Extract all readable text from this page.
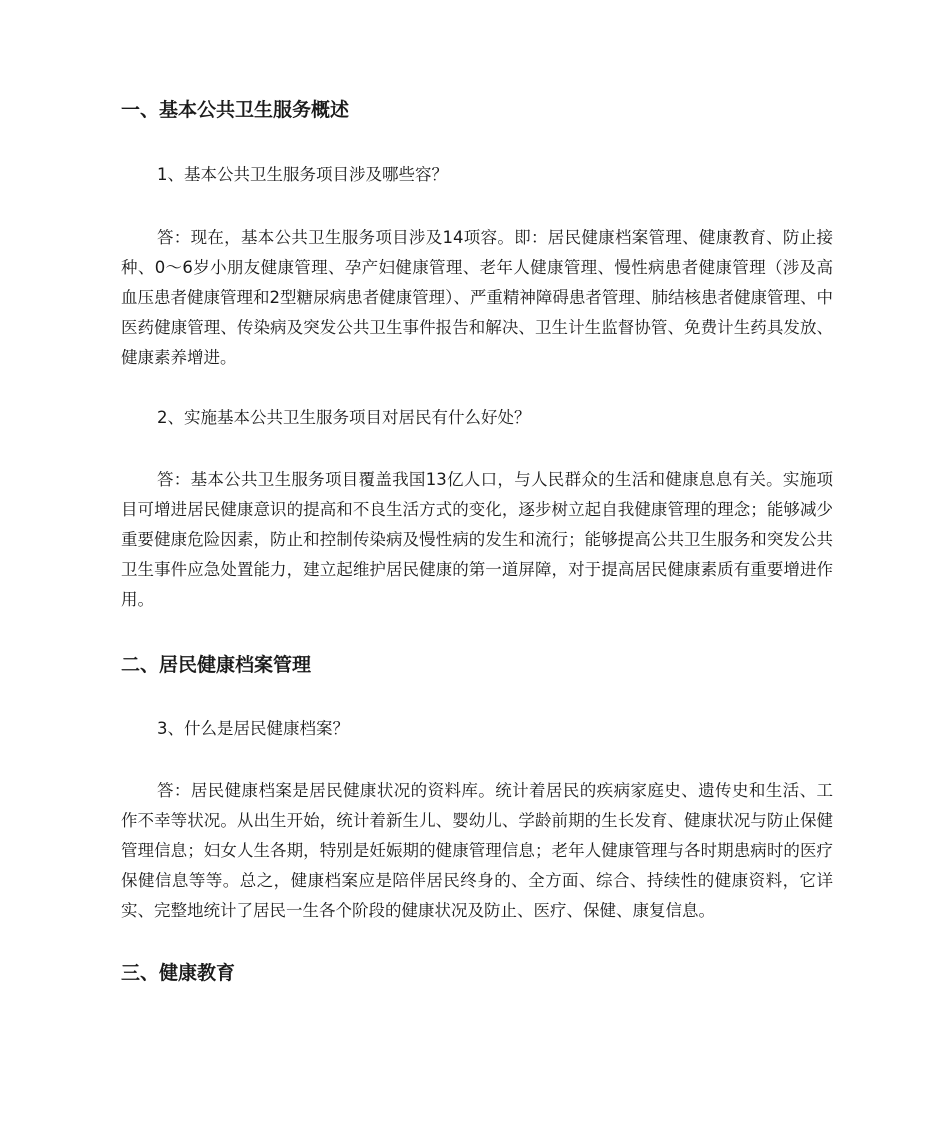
一、基本公共卫生服务概述

1、基本公共卫生服务项目涉及哪些容？

答：现在，基本公共卫生服务项目涉及14项容。即：居民健康档案管理、健康教育、防止接种、0～6岁小朋友健康管理、孕产妇健康管理、老年人健康管理、慢性病患者健康管理（涉及高血压患者健康管理和2型糖尿病患者健康管理）、严重精神障碍患者管理、肺结核患者健康管理、中医药健康管理、传染病及突发公共卫生事件报告和解决、卫生计生监督协管、免费计生药具发放、健康素养增进。

2、实施基本公共卫生服务项目对居民有什么好处？

答：基本公共卫生服务项目覆盖我国13亿人口，与人民群众的生活和健康息息有关。实施项目可增进居民健康意识的提高和不良生活方式的变化，逐步树立起自我健康管理的理念；能够减少重要健康危险因素，防止和控制传染病及慢性病的发生和流行；能够提高公共卫生服务和突发公共卫生事件应急处置能力，建立起维护居民健康的第一道屏障，对于提高居民健康素质有重要增进作用。

二、居民健康档案管理

3、什么是居民健康档案？

答：居民健康档案是居民健康状况的资料库。统计着居民的疾病家庭史、遗传史和生活、工作不幸等状况。从出生开始，统计着新生儿、婴幼儿、学龄前期的生长发育、健康状况与防止保健管理信息；妇女人生各期，特别是妊娠期的健康管理信息；老年人健康管理与各时期患病时的医疗保健信息等等。总之，健康档案应是陪伴居民终身的、全方面、综合、持续性的健康资料，它详实、完整地统计了居民一生各个阶段的健康状况及防止、医疗、保健、康复信息。

三、健康教育
